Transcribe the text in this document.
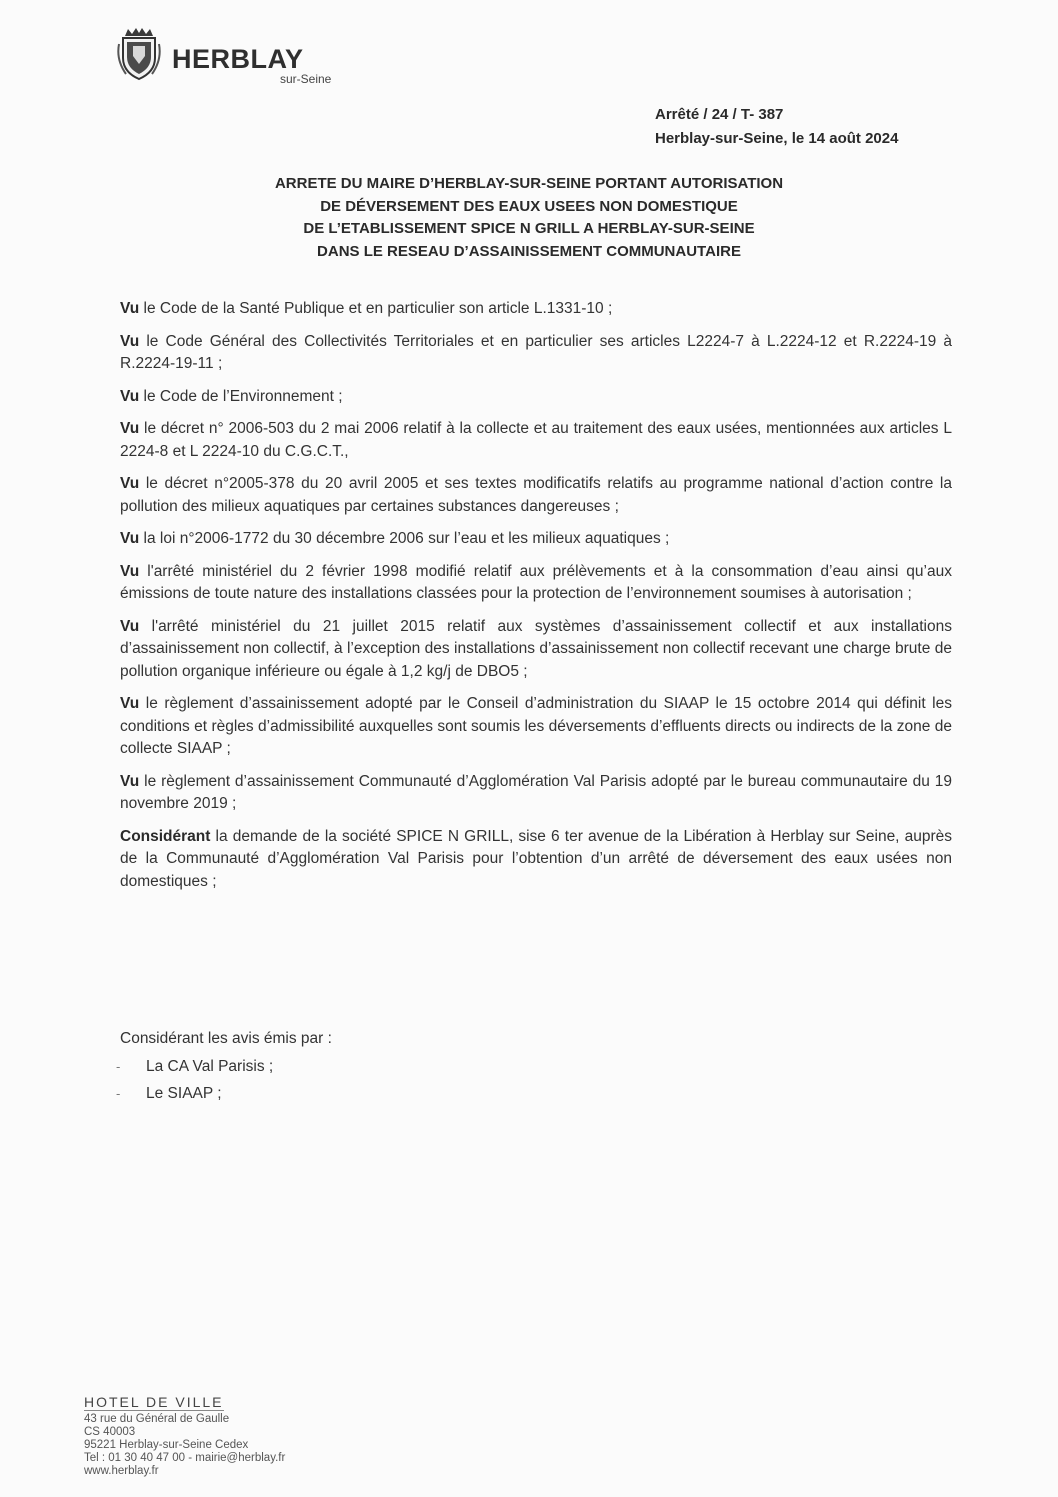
HERBLAY
sur-Seine
Arrêté / 24 / T- 387
Herblay-sur-Seine, le 14 août 2024
ARRETE DU MAIRE D’HERBLAY-SUR-SEINE PORTANT AUTORISATION
DE DÉVERSEMENT DES EAUX USEES NON DOMESTIQUE
DE L’ETABLISSEMENT SPICE N GRILL A HERBLAY-SUR-SEINE
DANS LE RESEAU D’ASSAINISSEMENT COMMUNAUTAIRE

Vu le Code de la Santé Publique et en particulier son article L.1331-10 ;

Vu le Code Général des Collectivités Territoriales et en particulier ses articles L2224-7 à L.2224-12 et R.2224-19 à R.2224-19-11 ;

Vu le Code de l’Environnement ;

Vu le décret n° 2006-503 du 2 mai 2006 relatif à la collecte et au traitement des eaux usées, mentionnées aux articles L 2224-8 et L 2224-10 du C.G.C.T.,

Vu le décret n°2005-378 du 20 avril 2005 et ses textes modificatifs relatifs au programme national d’action contre la pollution des milieux aquatiques par certaines substances dangereuses ;

Vu la loi n°2006-1772 du 30 décembre 2006 sur l’eau et les milieux aquatiques ;

Vu l'arrêté ministériel du 2 février 1998 modifié relatif aux prélèvements et à la consommation d’eau ainsi qu’aux émissions de toute nature des installations classées pour la protection de l’environnement soumises à autorisation ;

Vu l'arrêté ministériel du 21 juillet 2015 relatif aux systèmes d’assainissement collectif et aux installations d’assainissement non collectif, à l’exception des installations d’assainissement non collectif recevant une charge brute de pollution organique inférieure ou égale à 1,2 kg/j de DBO5 ;

Vu le règlement d’assainissement adopté par le Conseil d’administration du SIAAP le 15 octobre 2014 qui définit les conditions et règles d’admissibilité auxquelles sont soumis les déversements d’effluents directs ou indirects de la zone de collecte SIAAP ;

Vu le règlement d’assainissement Communauté d’Agglomération Val Parisis adopté par le bureau communautaire du 19 novembre 2019 ;

Considérant la demande de la société SPICE N GRILL, sise 6 ter avenue de la Libération à Herblay sur Seine, auprès de la Communauté d’Agglomération Val Parisis pour l’obtention d’un arrêté de déversement des eaux usées non domestiques ;

Considérant les avis émis par :
-	La CA Val Parisis ;
-	Le SIAAP ;
HOTEL DE VILLE
43 rue du Général de Gaulle
CS 40003
95221 Herblay-sur-Seine Cedex
Tel : 01 30 40 47 00 - mairie@herblay.fr
www.herblay.fr
